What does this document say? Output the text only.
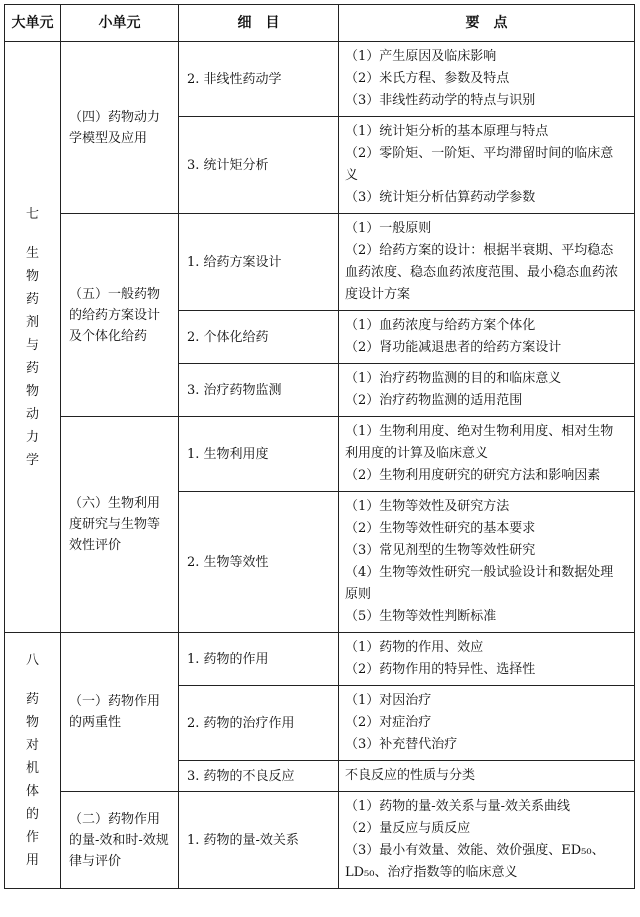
大单元	小单元	细　目	要　点

七
生物药剂与药物动力学	（四）药物动力学模型及应用	2. 非线性药动学	（1）产生原因及临床影响
（2）米氏方程、参数及特点
（3）非线性药动学的特点与识别

		3. 统计矩分析	（1）统计矩分析的基本原理与特点
（2）零阶矩、一阶矩、平均滞留时间的临床意义
（3）统计矩分析估算药动学参数

	（五）一般药物的给药方案设计及个体化给药	1. 给药方案设计	（1）一般原则
（2）给药方案的设计：根据半衰期、平均稳态血药浓度、稳态血药浓度范围、最小稳态血药浓度设计方案

		2. 个体化给药	（1）血药浓度与给药方案个体化
（2）肾功能减退患者的给药方案设计

		3. 治疗药物监测	（1）治疗药物监测的目的和临床意义
（2）治疗药物监测的适用范围

	（六）生物利用度研究与生物等效性评价	1. 生物利用度	（1）生物利用度、绝对生物利用度、相对生物利用度的计算及临床意义
（2）生物利用度研究的研究方法和影响因素

		2. 生物等效性	（1）生物等效性及研究方法
（2）生物等效性研究的基本要求
（3）常见剂型的生物等效性研究
（4）生物等效性研究一般试验设计和数据处理原则
（5）生物等效性判断标准

八
药物对机体的作用	（一）药物作用的两重性	1. 药物的作用	（1）药物的作用、效应
（2）药物作用的特异性、选择性

		2. 药物的治疗作用	（1）对因治疗
（2）对症治疗
（3）补充替代治疗

		3. 药物的不良反应	不良反应的性质与分类

	（二）药物作用的量-效和时-效规律与评价	1. 药物的量-效关系	（1）药物的量-效关系与量-效关系曲线
（2）量反应与质反应
（3）最小有效量、效能、效价强度、ED₅₀、LD₅₀、治疗指数等的临床意义
